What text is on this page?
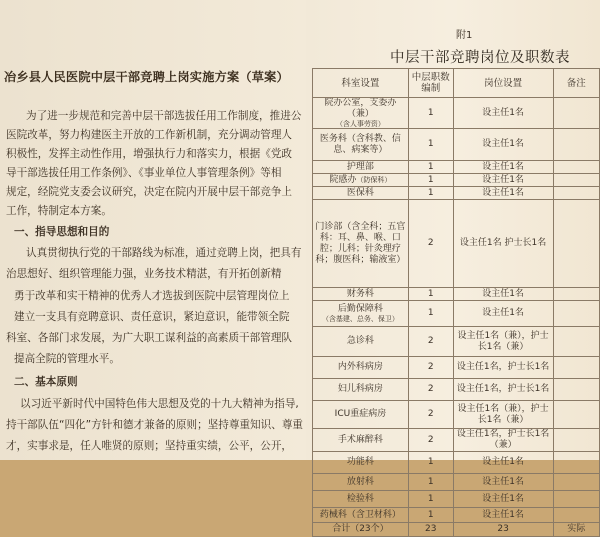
冶乡县人民医院中层干部竞聘上岗实施方案（草案）
为了进一步规范和完善中层干部选拔任用工作制度，推进公
医院改革，努力构建医主开放的工作新机制，充分调动管理人
积极性，发挥主动性作用，增强执行力和落实力，根据《党政
导干部选拔任用工作条例》、《事业单位人事管理条例》等相
规定，经院党支委会议研究，决定在院内开展中层干部竞争上
工作，特制定本方案。
一、指导思想和目的
认真贯彻执行党的干部路线为标准，通过竞聘上岗，把具有
治思想好、组织管理能力强，业务技术精湛，有开拓创新精
勇于改革和实干精神的优秀人才选拔到医院中层管理岗位上
建立一支具有竞聘意识、责任意识，紧迫意识，能带领全院
科室、各部门求发展，为广大职工谋利益的高素质干部管理队
提高全院的管理水平。
二、基本原则
以习近平新时代中国特色伟大思想及党的十九大精神为指导,
持干部队伍“四化”方针和德才兼备的原则；坚持尊重知识、尊重
才，实事求是，任人唯贤的原则；坚持重实绩，公平，公开，
附1
中层干部竞聘岗位及职数表
科室设置	中层职数编制	岗位设置	备注
院办公室，支委办（兼）
（含人事劳资）	1	设主任1名	
医务科（含科教、信息、病案等）	1	设主任1名	
护理部	1	设主任1名	
院感办（防保科）	1	设主任1名	
医保科	1	设主任1名	
门诊部（含全科；五官科：耳、鼻、喉、口腔；儿科；针灸理疗科；腹医科；输液室）	2	设主任1名 护士长1名	
财务科	1	设主任1名	
后勤保障科
（含基建、总务、保卫）	1	设主任1名	
急诊科	2	设主任1名（兼），护士长1名（兼）	
内外科病房	2	设主任1名，护士长1名	
妇儿科病房	2	设主任1名，护士长1名	
ICU重症病房	2	设主任1名（兼），护士长1名（兼）	
手术麻醉科	2	设主任1名，护士长1名（兼）	
功能科	1	设主任1名	
放射科	1	设主任1名	
检验科	1	设主任1名	
药械科（含卫材科）	1	设主任1名	
合计（23个）	23	23	实际
